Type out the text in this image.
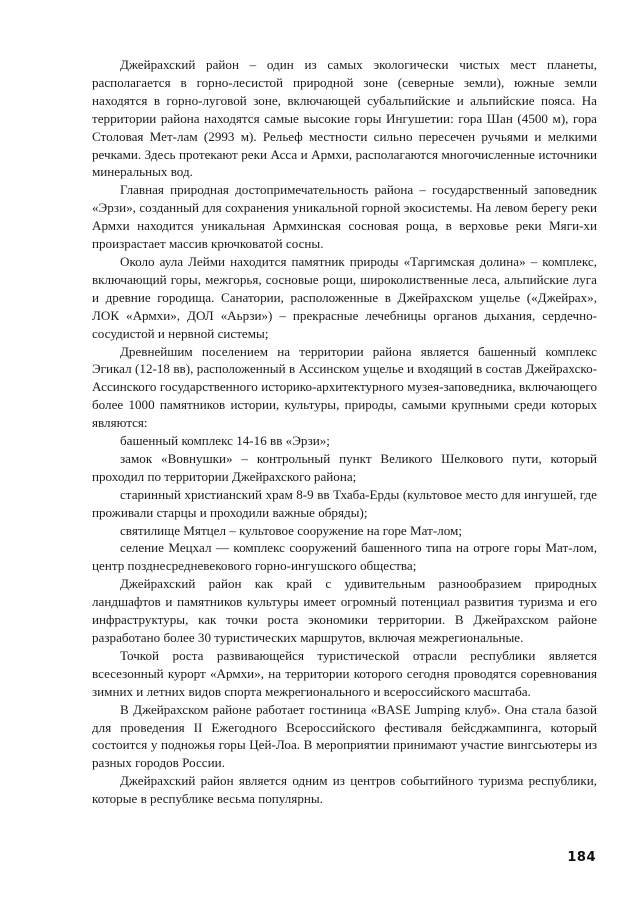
Джейрахский район – один из самых экологически чистых мест планеты, располагается в горно-лесистой природной зоне (северные земли), южные земли находятся в горно-луговой зоне, включающей субальпийские и альпийские пояса. На территории района находятся самые высокие горы Ингушетии: гора Шан (4500 м), гора Столовая Мет-лам (2993 м). Рельеф местности сильно пересечен ручьями и мелкими речками. Здесь протекают реки Асса и Армхи, располагаются многочисленные источники минеральных вод.

Главная природная достопримечательность района – государственный заповедник «Эрзи», созданный для сохранения уникальной горной экосистемы. На левом берегу реки Армхи находится уникальная Армхинская сосновая роща, в верховье реки Мяги-хи произрастает массив крючковатой сосны.

Около аула Лейми находится памятник природы «Таргимская долина» – комплекс, включающий горы, межгорья, сосновые рощи, широколиственные леса, альпийские луга и древние городища. Санатории, расположенные в Джейрахском ущелье («Джейрах», ЛОК «Армхи», ДОЛ «Аьрзи») – прекрасные лечебницы органов дыхания, сердечно-сосудистой и нервной системы;

Древнейшим поселением на территории района является башенный комплекс Эгикал (12-18 вв), расположенный в Ассинском ущелье и входящий в состав Джейрахско-Ассинского государственного историко-архитектурного музея-заповедника, включающего более 1000 памятников истории, культуры, природы, самыми крупными среди которых являются:

башенный комплекс 14-16 вв «Эрзи»;

замок «Вовнушки» – контрольный пункт Великого Шелкового пути, который проходил по территории Джейрахского района;

старинный христианский храм 8-9 вв Тхаба-Ерды (культовое место для ингушей, где проживали старцы и проходили важные обряды);

святилище Мятцел – культовое сооружение на горе Мат-лом;

селение Мецхал — комплекс сооружений башенного типа на отроге горы Мат-лом, центр позднесредневекового горно-ингушского общества;

Джейрахский район как край с удивительным разнообразием природных ландшафтов и памятников культуры имеет огромный потенциал развития туризма и его инфраструктуры, как точки роста экономики территории. В Джейрахском районе разработано более 30 туристических маршрутов, включая межрегиональные.

Точкой роста развивающейся туристической отрасли республики является всесезонный курорт «Армхи», на территории которого сегодня проводятся соревнования зимних и летних видов спорта межрегионального и всероссийского масштаба.

В Джейрахском районе работает гостиница «BASE Jumping клуб». Она стала базой для проведения II Ежегодного Всероссийского фестиваля бейсджампинга, который состоится у подножья горы Цей-Лоа. В мероприятии принимают участие вингсьютеры из разных городов России.

Джейрахский район является одним из центров событийного туризма республики, которые в республике весьма популярны.

184
